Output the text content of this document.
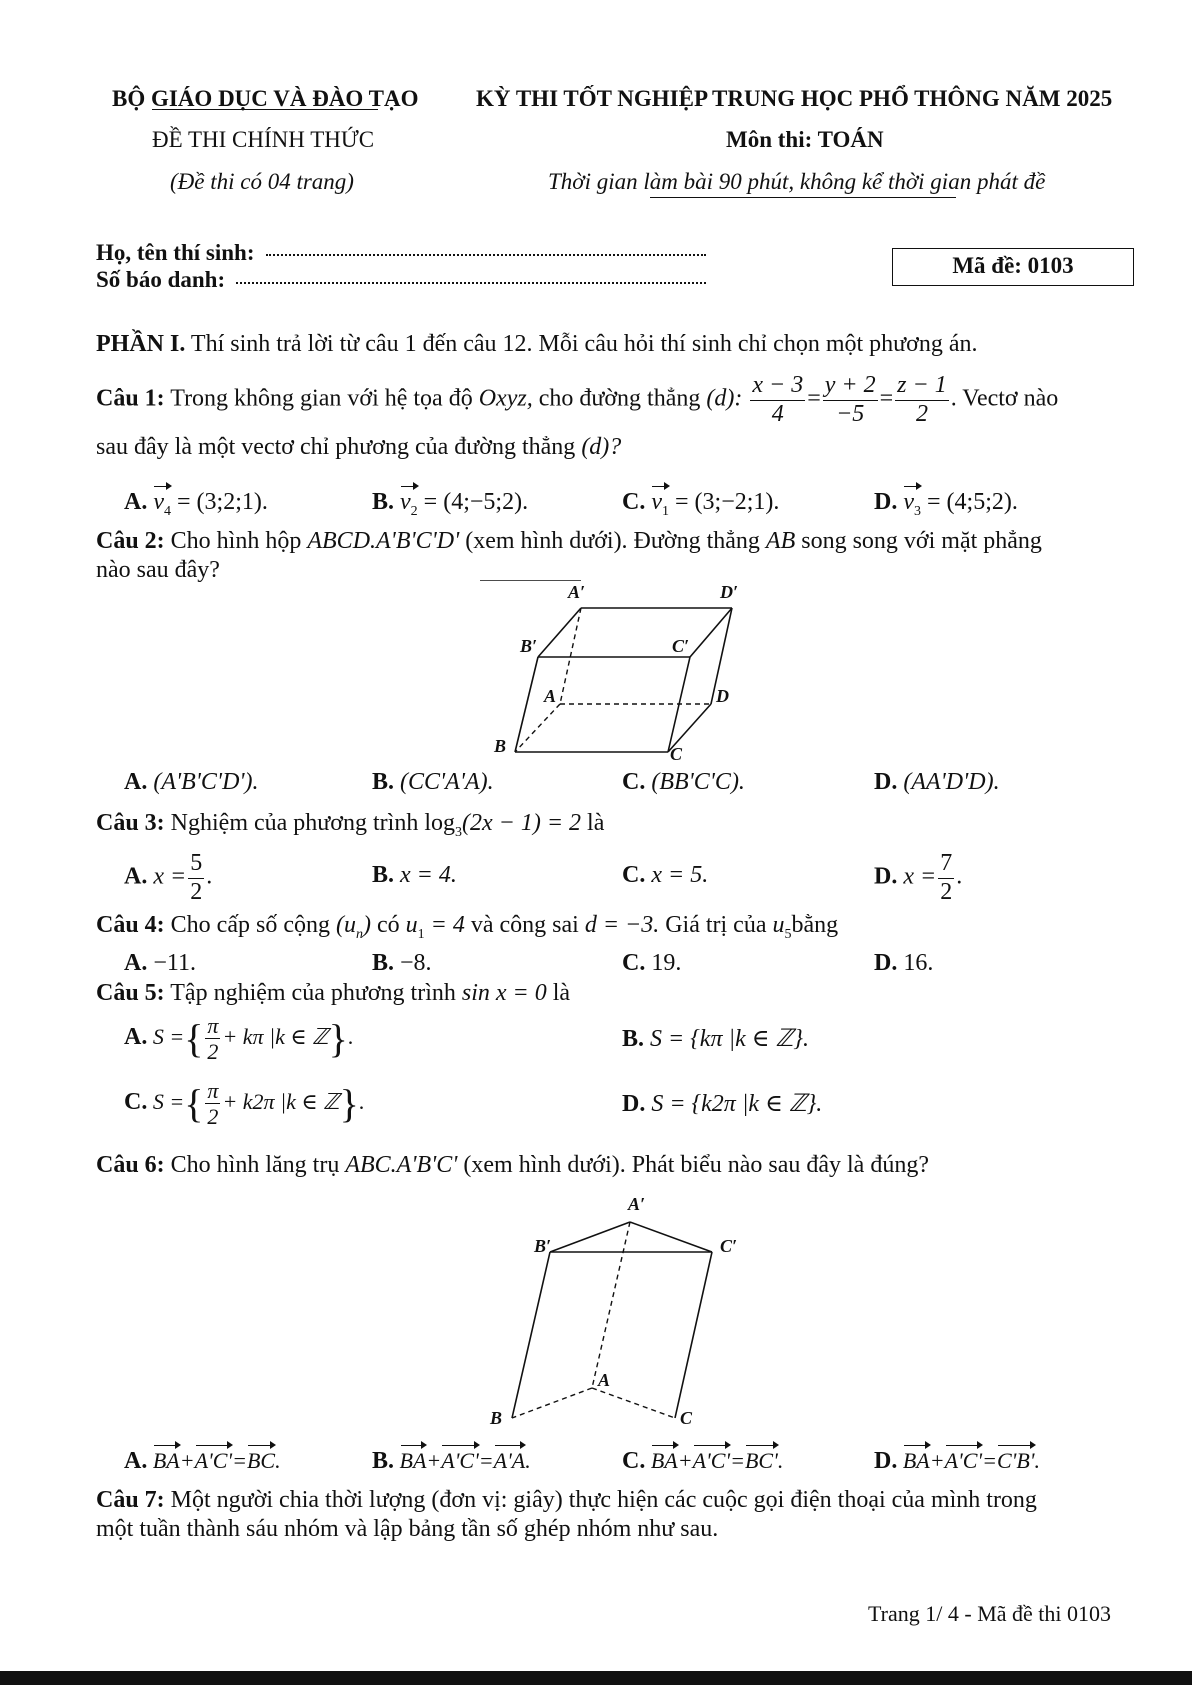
BỘ GIÁO DỤC VÀ ĐÀO TẠO	KỲ THI TỐT NGHIỆP TRUNG HỌC PHỔ THÔNG NĂM 2025
ĐỀ THI CHÍNH THỨC	Môn thi: TOÁN
(Đề thi có 04 trang)	Thời gian làm bài 90 phút, không kể thời gian phát đề
Họ, tên thí sinh:
Số báo danh:
Mã đề: 0103
PHẦN I. Thí sinh trả lời từ câu 1 đến câu 12. Mỗi câu hỏi thí sinh chỉ chọn một phương án.
Câu 1: Trong không gian với hệ tọa độ Oxyz, cho đường thẳng (d): $\frac{x - 3}{4} = \frac{y + 2}{-5} = \frac{z - 1}{2}$ . Vectơ nào
sau đây là một vectơ chỉ phương của đường thẳng (d)?
A. $v_4$ = (3;2;1).	B. $v_2$ = (4;−5;2).	C. $v_1$ = (3;−2;1).	D. $v_3$ = (4;5;2).
Câu 2: Cho hình hộp ABCD.A'B'C'D' (xem hình dưới). Đường thẳng AB song song với mặt phẳng
nào sau đây?
A′	D′
B′	C′
A	D
B	C
A. (A'B'C'D').	B. (CC'A'A).	C. (BB'C'C).	D. (AA'D'D).
Câu 3: Nghiệm của phương trình $\log_3(2x - 1) = 2$ là
A. $x = \frac{5}{2}$ .	B. x = 4.	C. x = 5.	D. $x = \frac{7}{2}$ .
Câu 4: Cho cấp số cộng $(u_n)$ có $u_1 = 4$ và công sai d = −3. Giá trị của $u_5bằng$
A. −11.	B. −8.	C. 19.	D. 16.
Câu 5: Tập nghiệm của phương trình sin x = 0 là
A. S ={ $\frac{\pi}{2} + k\pi$ |k ∈ ℤ}.	B. S = {kπ |k ∈ ℤ}.
C. S ={ $\frac{\pi}{2} + k2\pi$ |k ∈ ℤ}.	D. S = {k2π |k ∈ ℤ}.
Câu 6: Cho hình lăng trụ ABC.A'B'C' (xem hình dưới). Phát biểu nào sau đây là đúng?
A′
B′	C′
A
B	C
A. BA+A'C'=BC.	B. BA+A'C'=A'A.	C. BA+A'C'=BC'.	D. BA+A'C'=C'B'.
Câu 7: Một người chia thời lượng (đơn vị: giây) thực hiện các cuộc gọi điện thoại của mình trong
một tuần thành sáu nhóm và lập bảng tần số ghép nhóm như sau.
Trang 1/ 4 - Mã đề thi 0103
